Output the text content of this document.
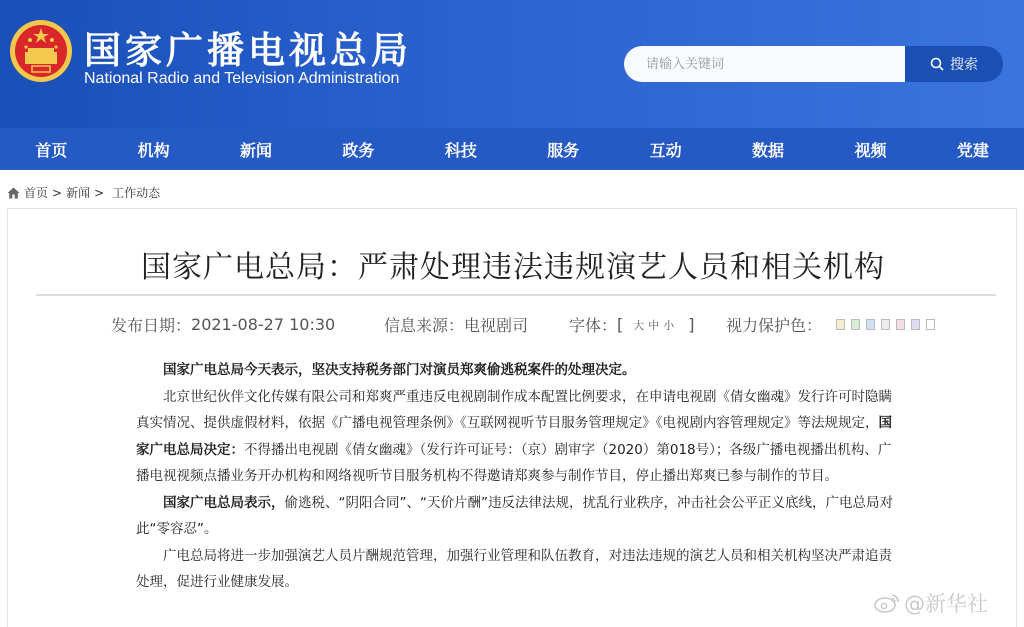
国家广播电视总局
National Radio and Television Administration
请输入关键词
搜索
首页	机构	新闻	政务	科技	服务	互动	数据	视频	党建
首页 > 新闻 > 工作动态
国家广电总局：严肃处理违法违规演艺人员和相关机构
发布日期： 2021-08-27 10:30	信息来源： 电视剧司	字体： [ 大 中 小 ] 视力保护色：

国家广电总局今天表示，坚决支持税务部门对演员郑爽偷逃税案件的处理决定。

北京世纪伙伴文化传媒有限公司和郑爽严重违反电视剧制作成本配置比例要求，在申请电视剧《倩女幽魂》发行许可时隐瞒真实情况、提供虚假材料，依据《广播电视管理条例》《互联网视听节目服务管理规定》《电视剧内容管理规定》等法规规定，国家广电总局决定：不得播出电视剧《倩女幽魂》（发行许可证号：（京）剧审字（2020）第018号）；各级广播电视播出机构、广播电视视频点播业务开办机构和网络视听节目服务机构不得邀请郑爽参与制作节目，停止播出郑爽已参与制作的节目。

国家广电总局表示，偷逃税、“阴阳合同”、“天价片酬”违反法律法规，扰乱行业秩序，冲击社会公平正义底线，广电总局对此“零容忍”。

广电总局将进一步加强演艺人员片酬规范管理，加强行业管理和队伍教育，对违法违规的演艺人员和相关机构坚决严肃追责处理，促进行业健康发展。

@新华社
